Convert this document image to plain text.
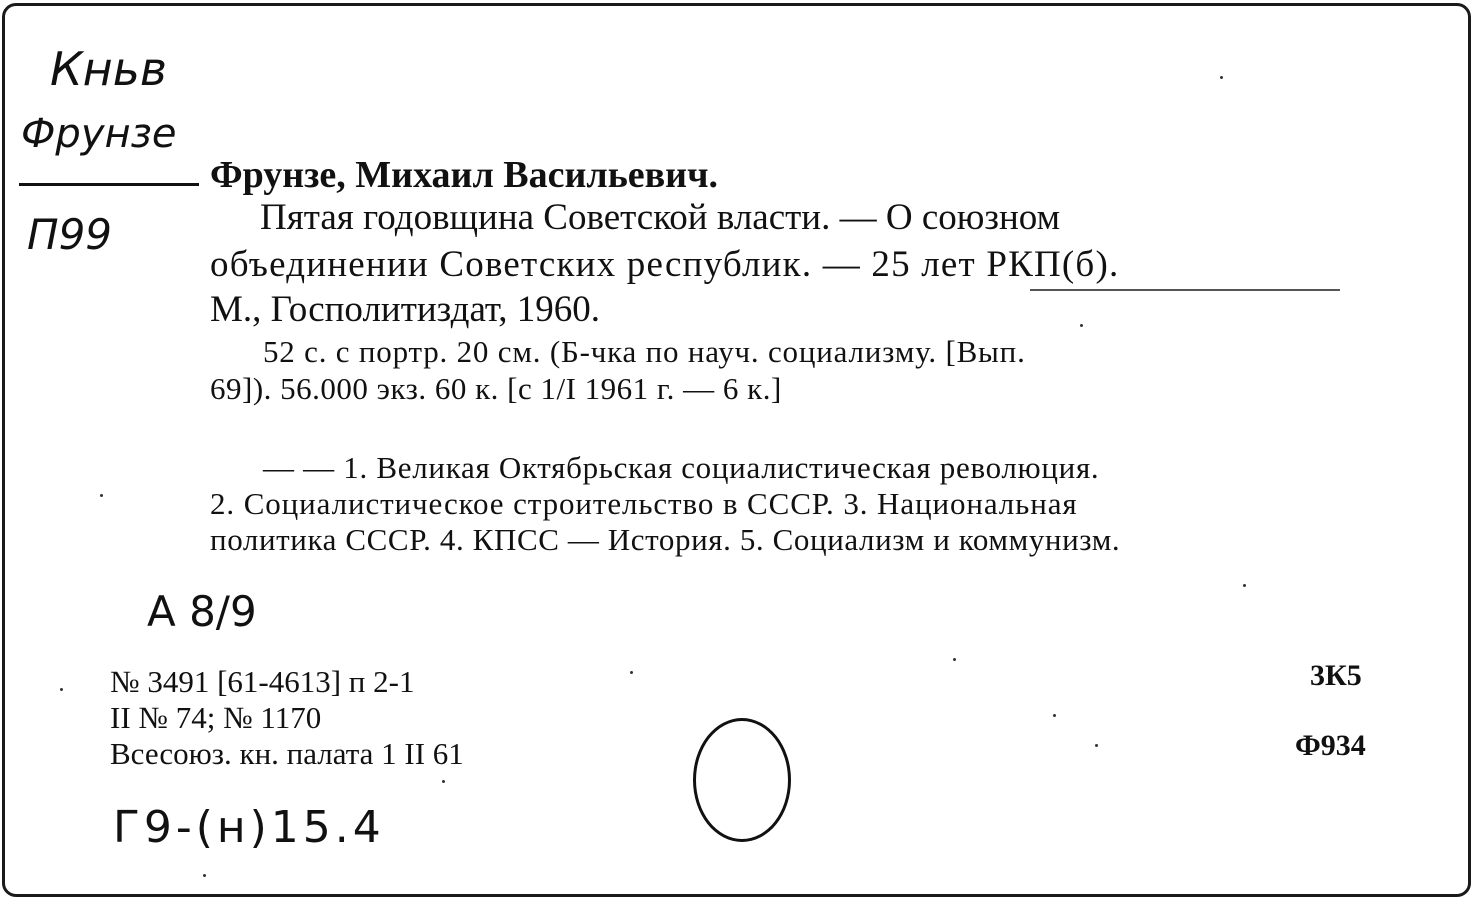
Кньв
Фрунзе
П99
Фрунзе, Михаил Васильевич.
Пятая годовщина Советской власти. — О союзном
объединении Советских республик. — 25 лет РКП(б).
М., Госполитиздат, 1960.
52 с. с портр. 20 см. (Б-чка по науч. социализму. [Вып.
69]). 56.000 экз. 60 к. [с 1/I 1961 г. — 6 к.]
— — 1. Великая Октябрьская социалистическая революция.
2. Социалистическое строительство в СССР. 3. Национальная
политика СССР. 4. КПСС — История. 5. Социализм и коммунизм.
А 8/9
№ 3491 [61-4613] п 2-1
II № 74; № 1170
Всесоюз. кн. палата 1 II 61
3К5
Ф934
Г9-(н)15.4
